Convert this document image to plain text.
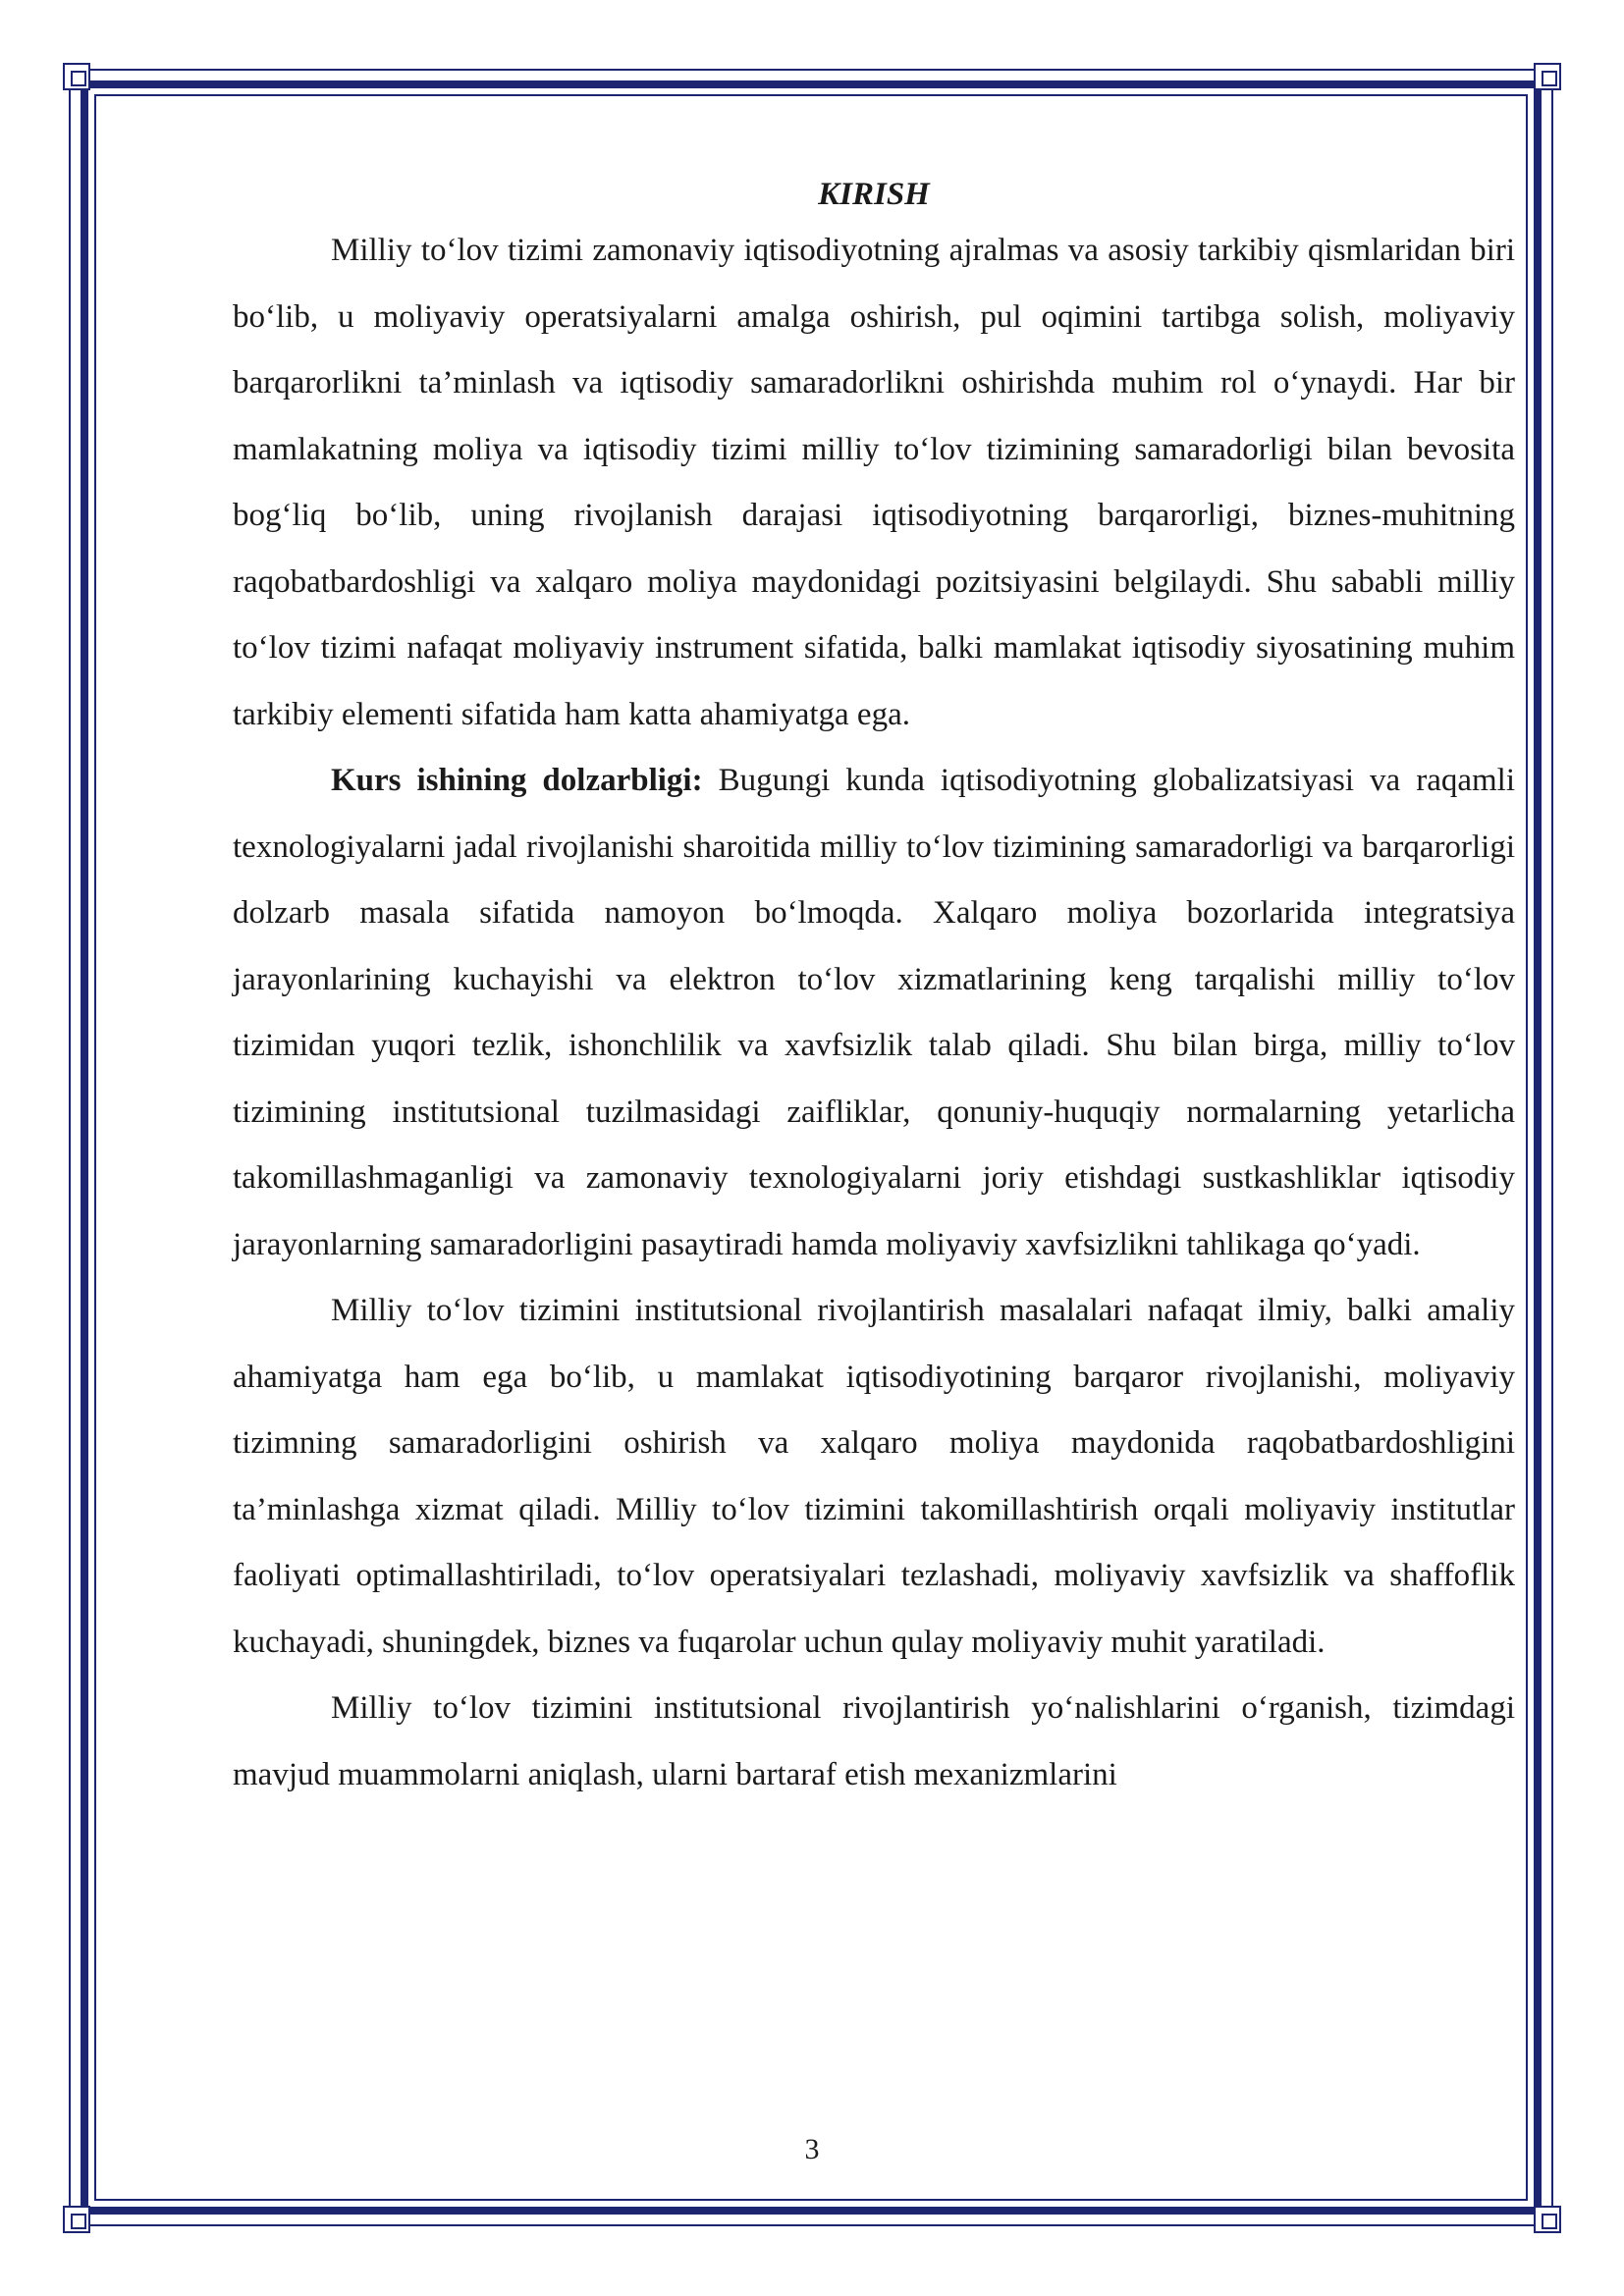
KIRISH

Milliy to‘lov tizimi zamonaviy iqtisodiyotning ajralmas va asosiy tarkibiy qismlaridan biri bo‘lib, u moliyaviy operatsiyalarni amalga oshirish, pul oqimini tartibga solish, moliyaviy barqarorlikni ta’minlash va iqtisodiy samaradorlikni oshirishda muhim rol o‘ynaydi. Har bir mamlakatning moliya va iqtisodiy tizimi milliy to‘lov tizimining samaradorligi bilan bevosita bog‘liq bo‘lib, uning rivojlanish darajasi iqtisodiyotning barqarorligi, biznes-muhitning raqobatbardoshligi va xalqaro moliya maydonidagi pozitsiyasini belgilaydi. Shu sababli milliy to‘lov tizimi nafaqat moliyaviy instrument sifatida, balki mamlakat iqtisodiy siyosatining muhim tarkibiy elementi sifatida ham katta ahamiyatga ega.

Kurs ishining dolzarbligi: Bugungi kunda iqtisodiyotning globalizatsiyasi va raqamli texnologiyalarni jadal rivojlanishi sharoitida milliy to‘lov tizimining samaradorligi va barqarorligi dolzarb masala sifatida namoyon bo‘lmoqda. Xalqaro moliya bozorlarida integratsiya jarayonlarining kuchayishi va elektron to‘lov xizmatlarining keng tarqalishi milliy to‘lov tizimidan yuqori tezlik, ishonchlilik va xavfsizlik talab qiladi. Shu bilan birga, milliy to‘lov tizimining institutsional tuzilmasidagi zaifliklar, qonuniy-huquqiy normalarning yetarlicha takomillashmaganligi va zamonaviy texnologiyalarni joriy etishdagi sustkashliklar iqtisodiy jarayonlarning samaradorligini pasaytiradi hamda moliyaviy xavfsizlikni tahlikaga qo‘yadi.

Milliy to‘lov tizimini institutsional rivojlantirish masalalari nafaqat ilmiy, balki amaliy ahamiyatga ham ega bo‘lib, u mamlakat iqtisodiyotining barqaror rivojlanishi, moliyaviy tizimning samaradorligini oshirish va xalqaro moliya maydonida raqobatbardoshligini ta’minlashga xizmat qiladi. Milliy to‘lov tizimini takomillashtirish orqali moliyaviy institutlar faoliyati optimallashtiriladi, to‘lov operatsiyalari tezlashadi, moliyaviy xavfsizlik va shaffoflik kuchayadi, shuningdek, biznes va fuqarolar uchun qulay moliyaviy muhit yaratiladi.

Milliy to‘lov tizimini institutsional rivojlantirish yo‘nalishlarini o‘rganish, tizimdagi mavjud muammolarni aniqlash, ularni bartaraf etish mexanizmlarini

3
